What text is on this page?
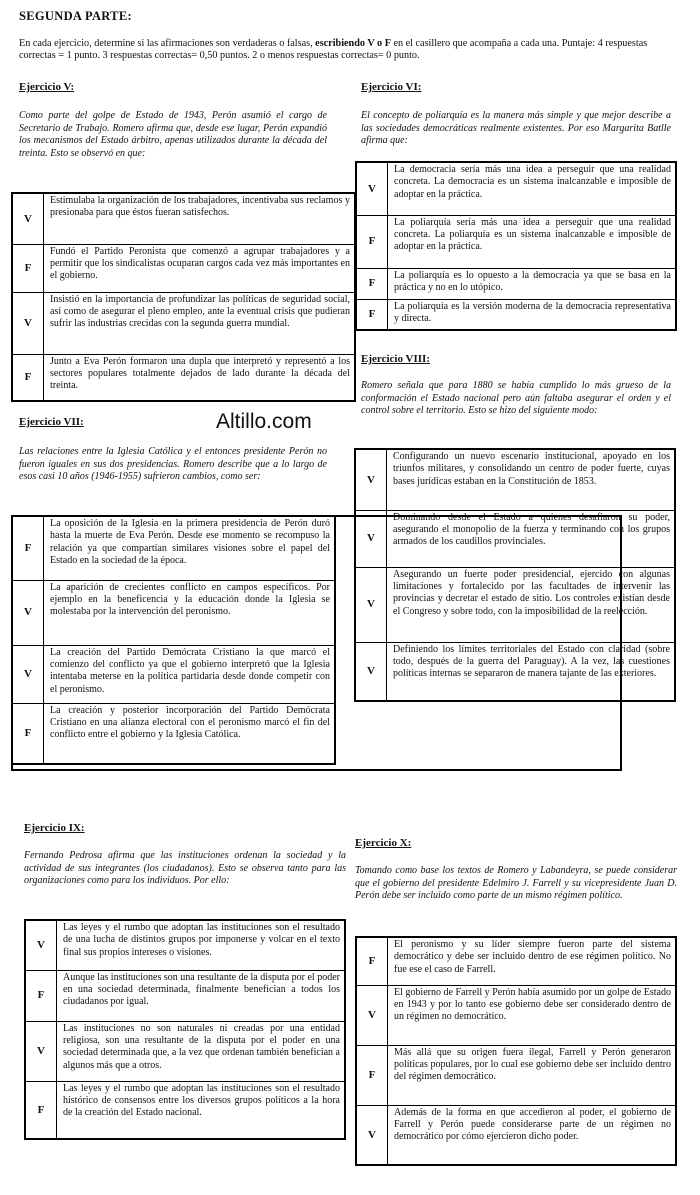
SEGUNDA PARTE:
En cada ejercicio, determine si las afirmaciones son verdaderas o falsas, escribiendo V o F en el casillero que acompaña a cada una. Puntaje: 4 respuestas correctas = 1 punto. 3 respuestas correctas= 0,50 puntos. 2 o menos respuestas correctas= 0 punto.
Ejercicio V:
Como parte del golpe de Estado de 1943, Perón asumió el cargo de Secretario de Trabajo. Romero afirma que, desde ese lugar, Perón expandió los mecanismos del Estado árbitro, apenas utilizados durante la década del treinta. Esto se observó en que:
V	Estimulaba la organización de los trabajadores, incentivaba sus reclamos y presionaba para que éstos fueran satisfechos.
F	Fundó el Partido Peronista que comenzó a agrupar trabajadores y a permitir que los sindicalistas ocuparan cargos cada vez más importantes en el gobierno.
V	Insistió en la importancia de profundizar las políticas de seguridad social, así como de asegurar el pleno empleo, ante la eventual crisis que pudieran sufrir las industrias crecidas con la segunda guerra mundial.
F	Junto a Eva Perón formaron una dupla que interpretó y representó a los sectores populares totalmente dejados de lado durante la década del treinta.
Ejercicio VI:
El concepto de poliarquía es la manera más simple y que mejor describe a las sociedades democráticas realmente existentes. Por eso Margarita Batlle afirma que:
V	La democracia sería más una idea a perseguir que una realidad concreta. La democracia es un sistema inalcanzable e imposible de adoptar en la práctica.
F	La poliarquía sería más una idea a perseguir que una realidad concreta. La poliarquía es un sistema inalcanzable e imposible de adoptar en la práctica.
F	La poliarquía es lo opuesto a la democracia ya que se basa en la práctica y no en lo utópico.
F	La poliarquía es la versión moderna de la democracia representativa y directa.
Ejercicio VIII:
Romero señala que para 1880 se había cumplido lo más grueso de la conformación el Estado nacional pero aún faltaba asegurar el orden y el control sobre el territorio. Esto se hizo del siguiente modo:
V	Configurando un nuevo escenario institucional, apoyado en los triunfos militares, y consolidando un centro de poder fuerte, cuyas bases jurídicas estaban en la Constitución de 1853.
V	Dominando desde el Estado a quienes desafiaron su poder, asegurando el monopolio de la fuerza y terminando con los grupos armados de los caudillos provinciales.
V	Asegurando un fuerte poder presidencial, ejercido con algunas limitaciones y fortalecido por las facultades de intervenir las provincias y decretar el estado de sitio. Los controles existían desde el Congreso y sobre todo, con la imposibilidad de la reelección.
V	Definiendo los límites territoriales del Estado con claridad (sobre todo, después de la guerra del Paraguay). A la vez, las cuestiones políticas internas se separaron de manera tajante de las exteriores.
Altillo.com
Ejercicio VII:
Las relaciones entre la Iglesia Católica y el entonces presidente Perón no fueron iguales en sus dos presidencias. Romero describe que a lo largo de esos casi 10 años (1946-1955) sufrieron cambios, como ser:
F	La oposición de la Iglesia en la primera presidencia de Perón duró hasta la muerte de Eva Perón. Desde ese momento se recompuso la relación ya que compartían similares visiones sobre el papel del Estado en la sociedad de la época.
V	La aparición de crecientes conflicto en campos específicos. Por ejemplo en la beneficencia y la educación donde la Iglesia se molestaba por la intervención del peronismo.
V	La creación del Partido Demócrata Cristiano la que marcó el comienzo del conflicto ya que el gobierno interpretó que la Iglesia intentaba meterse en la política partidaria desde donde competir con el peronismo.
F	La creación y posterior incorporación del Partido Demócrata Cristiano en una alianza electoral con el peronismo marcó el fin del conflicto entre el gobierno y la Iglesia Católica.
Ejercicio IX:
Fernando Pedrosa afirma que las instituciones ordenan la sociedad y la actividad de sus integrantes (los ciudadanos). Esto se observa tanto para las organizaciones como para los individuos. Por ello:
V	Las leyes y el rumbo que adoptan las instituciones son el resultado de una lucha de distintos grupos por imponerse y volcar en el texto final sus propios intereses o visiones.
F	Aunque las instituciones son una resultante de la disputa por el poder en una sociedad determinada, finalmente benefician a todos los ciudadanos por igual.
V	Las instituciones no son naturales ni creadas por una entidad religiosa, son una resultante de la disputa por el poder en una sociedad determinada que, a la vez que ordenan también benefician a algunos más que a otros.
F	Las leyes y el rumbo que adoptan las instituciones son el resultado histórico de consensos entre los diversos grupos políticos a la hora de la creación del Estado nacional.
Ejercicio X:
Tomando como base los textos de Romero y Labandeyra, se puede considerar que el gobierno del presidente Edelmiro J. Farrell y su vicepresidente Juan D. Perón debe ser incluido como parte de un mismo régimen político.
F	El peronismo y su líder siempre fueron parte del sistema democrático y debe ser incluido dentro de ese régimen político. No fue ese el caso de Farrell.
V	El gobierno de Farrell y Perón había asumido por un golpe de Estado en 1943 y por lo tanto ese gobierno debe ser considerado dentro de un régimen no democrático.
F	Más allá que su origen fuera ilegal, Farrell y Perón generaron políticas populares, por lo cual ese gobierno debe ser incluido dentro del régimen democrático.
V	Además de la forma en que accedieron al poder, el gobierno de Farrell y Perón puede considerarse parte de un régimen no democrático por cómo ejercieron dicho poder.
